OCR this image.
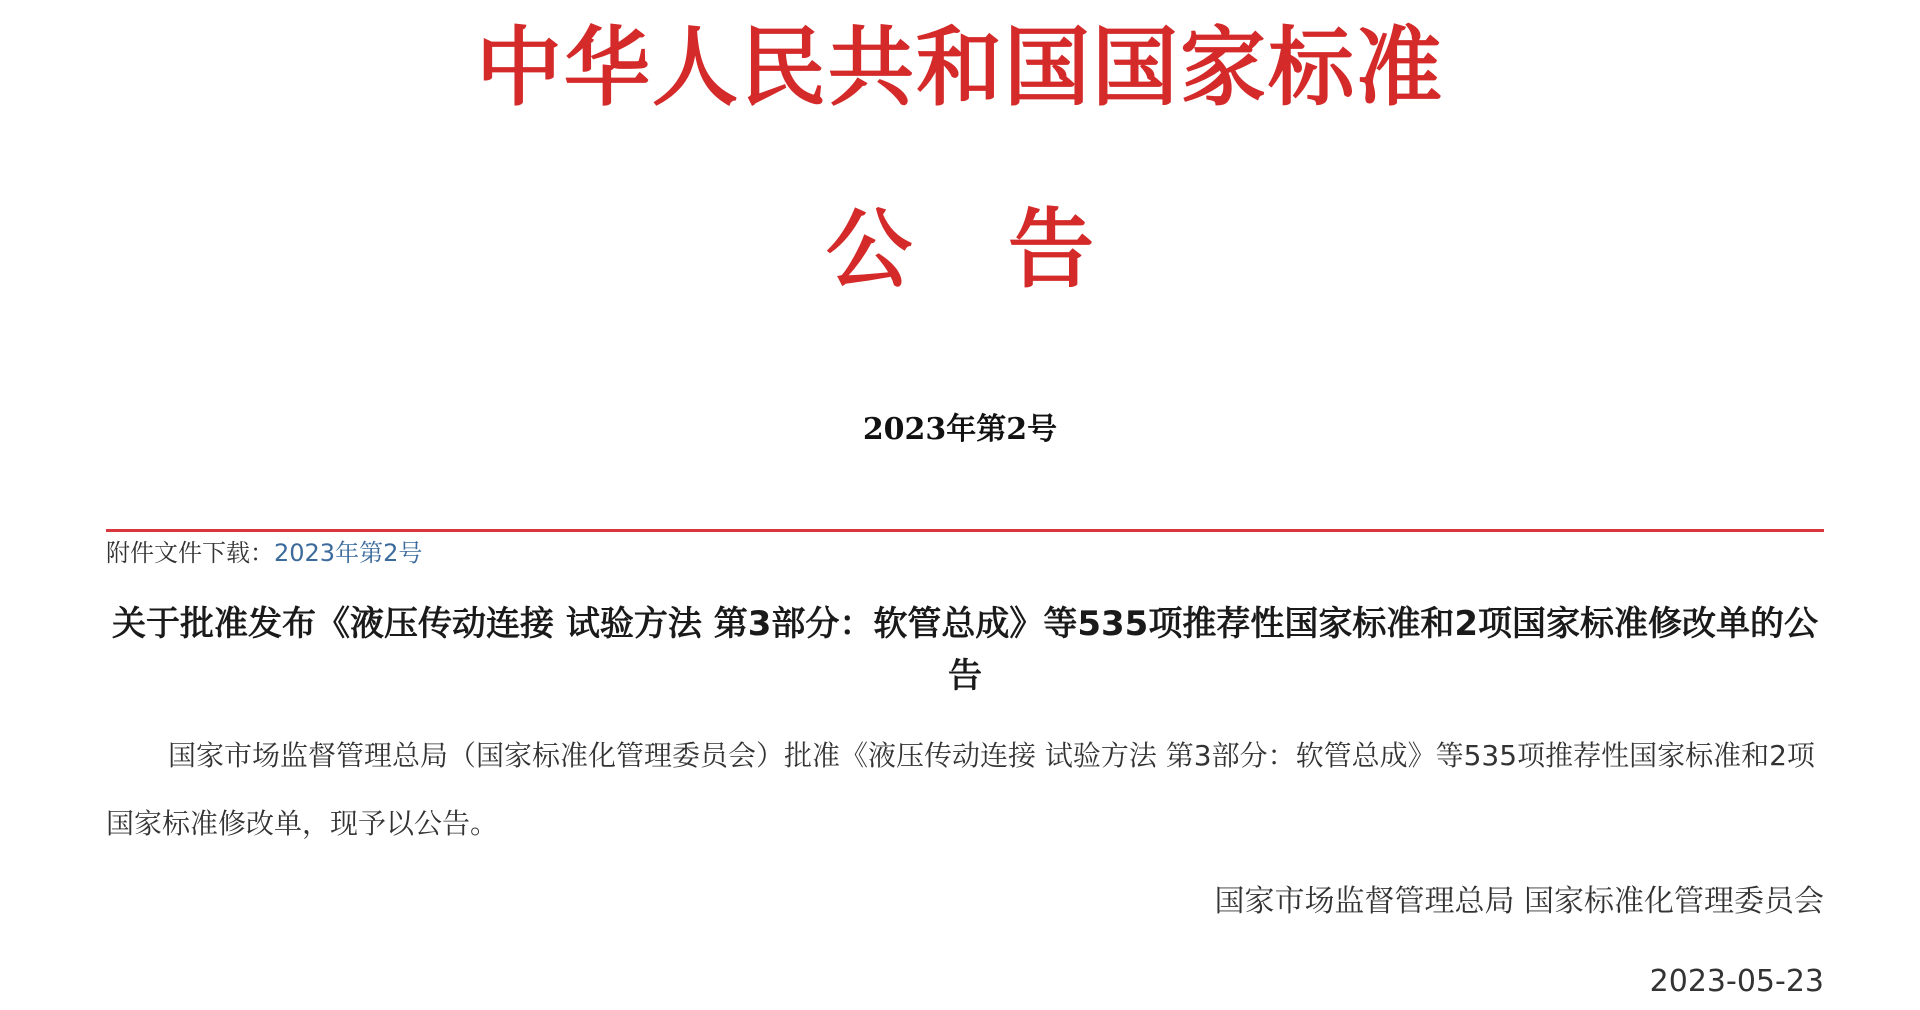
中华人民共和国国家标准
公告
2023年第2号
附件文件下载：2023年第2号
关于批准发布《液压传动连接 试验方法 第3部分：软管总成》等535项推荐性国家标准和2项国家标准修改单的公告
国家市场监督管理总局（国家标准化管理委员会）批准《液压传动连接 试验方法 第3部分：软管总成》等535项推荐性国家标准和2项国家标准修改单，现予以公告。
国家市场监督管理总局 国家标准化管理委员会
2023-05-23
